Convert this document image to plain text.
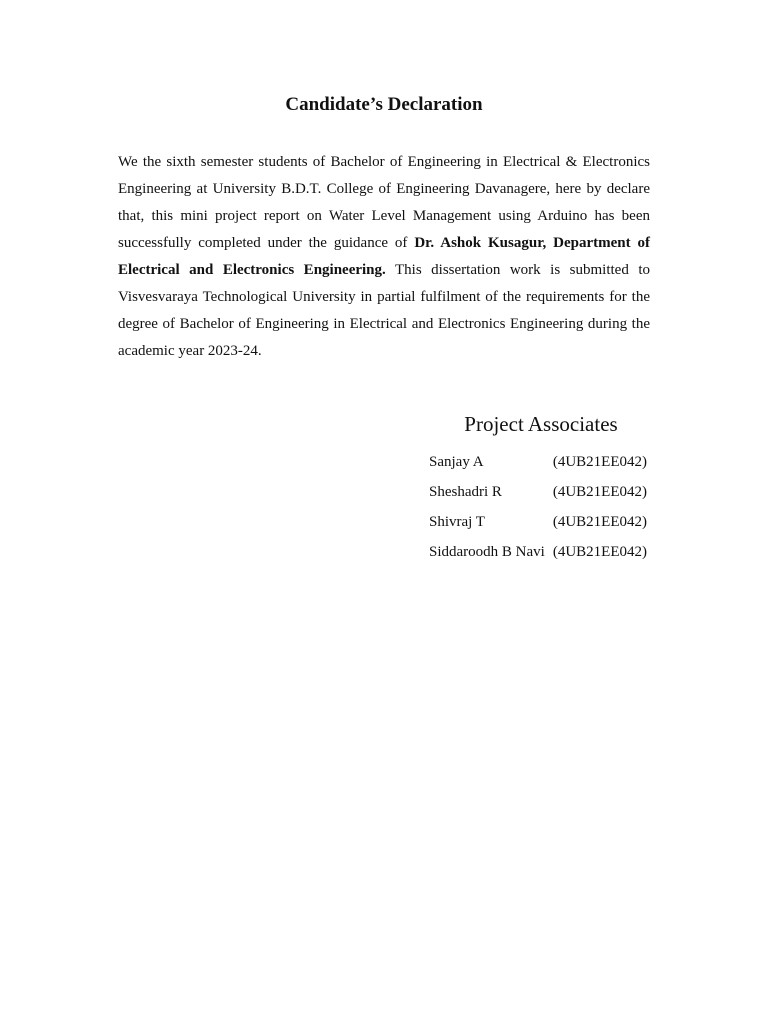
Candidate’s Declaration

We the sixth semester students of Bachelor of Engineering in Electrical & Electronics Engineering at University B.D.T. College of Engineering Davanagere, here by declare that, this mini project report on Water Level Management using Arduino has been successfully completed under the guidance of Dr. Ashok Kusagur, Department of Electrical and Electronics Engineering. This dissertation work is submitted to Visvesvaraya Technological University in partial fulfilment of the requirements for the degree of Bachelor of Engineering in Electrical and Electronics Engineering during the academic year 2023-24.

Project Associates
Sanjay A	(4UB21EE042)
Sheshadri R	(4UB21EE042)
Shivraj T	(4UB21EE042)
Siddaroodh B Navi (4UB21EE042)
